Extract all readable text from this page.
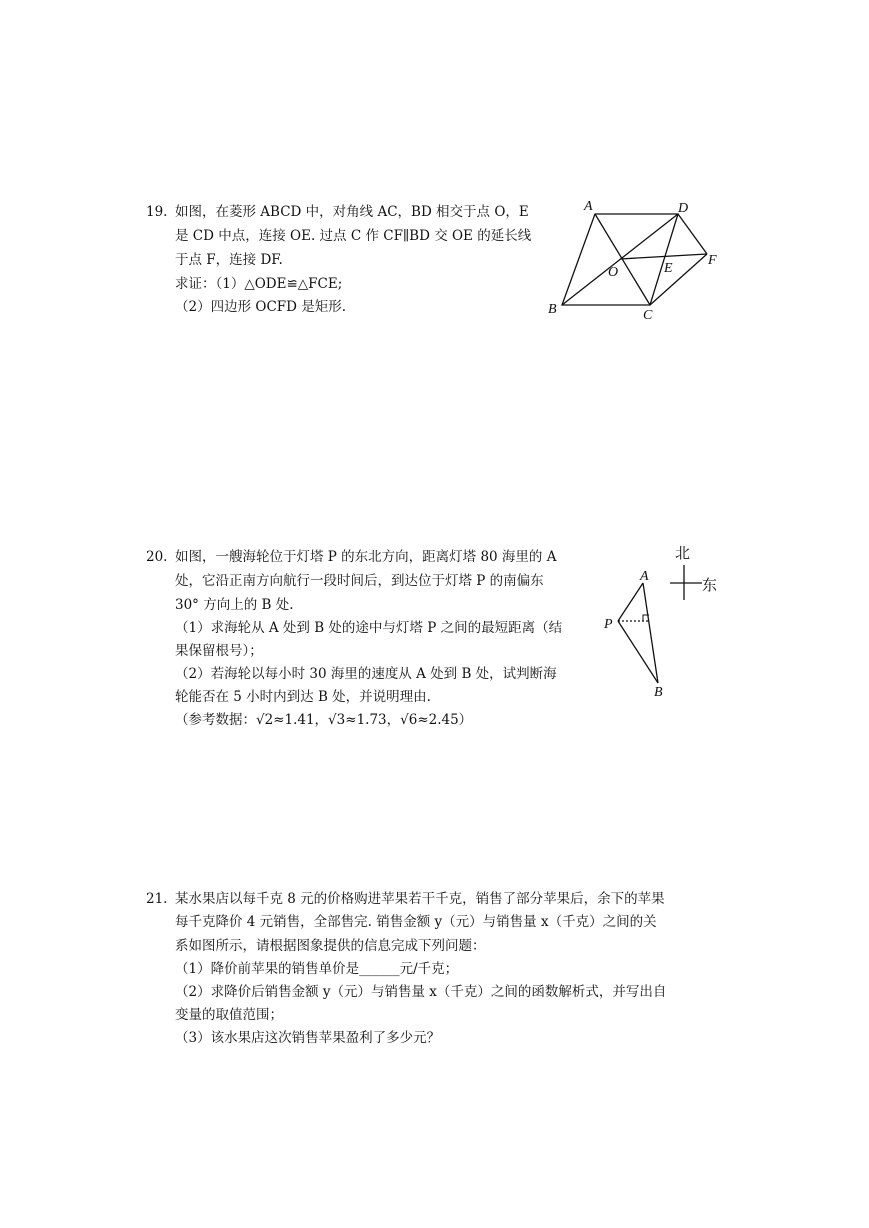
19. 如图，在菱形 ABCD 中，对角线 AC，BD 相交于点 O，E
是 CD 中点，连接 OE. 过点 C 作 CF∥BD 交 OE 的延长线
于点 F，连接 DF.
求证：（1）△ODE≌△FCE;
（2）四边形 OCFD 是矩形.
A	D
B	C
O	E
F
20. 如图，一艘海轮位于灯塔 P 的东北方向，距离灯塔 80 海里的 A
处，它沿正南方向航行一段时间后，到达位于灯塔 P 的南偏东
30° 方向上的 B 处.
（1）求海轮从 A 处到 B 处的途中与灯塔 P 之间的最短距离（结
果保留根号）；
（2）若海轮以每小时 30 海里的速度从 A 处到 B 处，试判断海
轮能否在 5 小时内到达 B 处，并说明理由.
（参考数据：√2≈1.41，√3≈1.73，√6≈2.45）
北
东
A
P
B
21. 某水果店以每千克 8 元的价格购进苹果若干千克，销售了部分苹果后，余下的苹果
每千克降价 4 元销售，全部售完. 销售金额 y（元）与销售量 x（千克）之间的关
系如图所示，请根据图象提供的信息完成下列问题：
（1）降价前苹果的销售单价是______元/千克；
（2）求降价后销售金额 y（元）与销售量 x（千克）之间的函数解析式，并写出自
变量的取值范围；
（3）该水果店这次销售苹果盈利了多少元？
